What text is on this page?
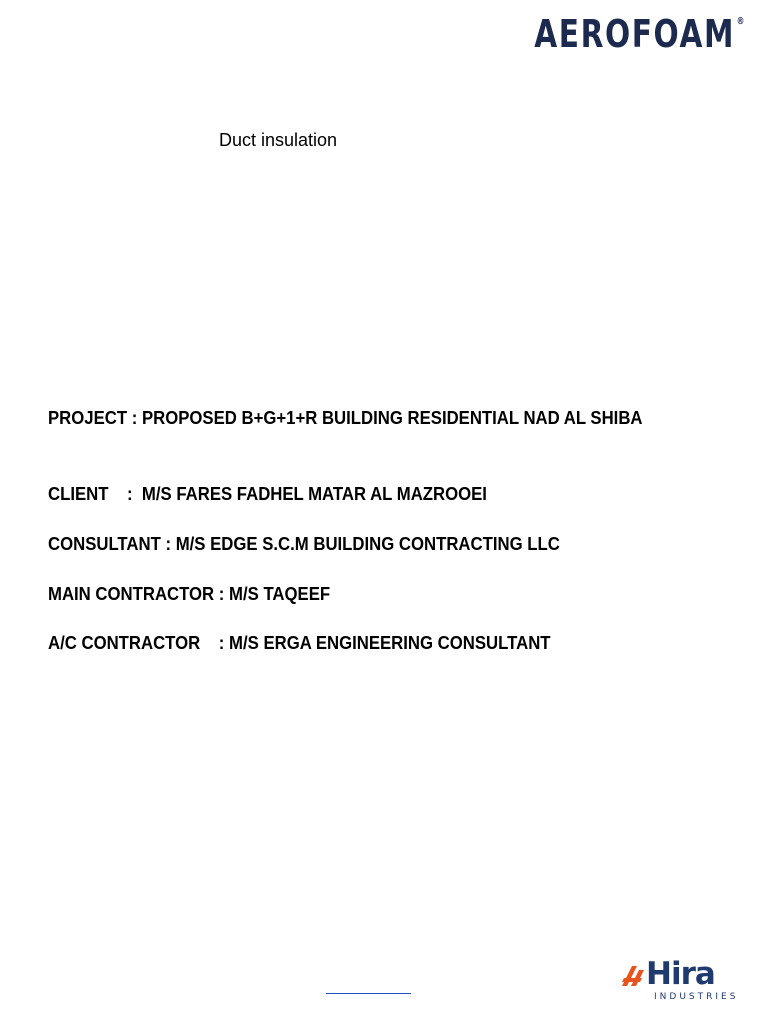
AEROFOAM ®
Duct insulation
PROJECT : PROPOSED B+G+1+R BUILDING RESIDENTIAL NAD AL SHIBA
CLIENT    :  M/S FARES FADHEL MATAR AL MAZROOEI
CONSULTANT : M/S EDGE S.C.M BUILDING CONTRACTING LLC
MAIN CONTRACTOR : M/S TAQEEF
A/C CONTRACTOR    : M/S ERGA ENGINEERING CONSULTANT
Hira
INDUSTRIES
